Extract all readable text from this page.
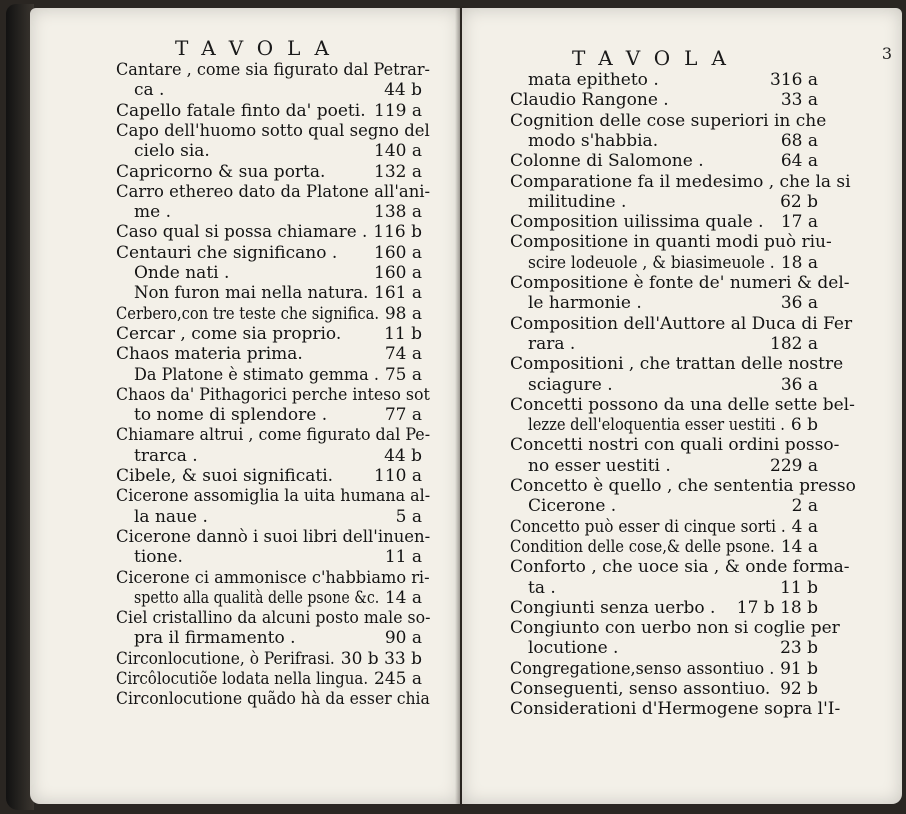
TAVOLA
Cantare , come sia figurato dal Petrar-
ca .	44 b
Capello fatale finto da' poeti. 119 a
Capo dell'huomo sotto qual segno del
cielo sia.	140 a
Capricorno & sua porta.	132 a
Carro ethereo dato da Platone all'ani-
me .	138 a
Caso qual si possa chiamare . 116 b
Centauri che significano . 160 a
Onde nati .	160 a
Non furon mai nella natura. 161 a
Cerbero,con tre teste che significa. 98 a
Cercar , come sia proprio.	11 b
Chaos materia prima.	74 a
Da Platone è stimato gemma . 75 a
Chaos da' Pithagorici perche inteso sot
to nome di splendore .	77 a
Chiamare altrui , come figurato dal Pe-
trarca .	44 b
Cibele, & suoi significati. 110 a
Cicerone assomiglia la uita humana al-
la naue .	5 a
Cicerone dannò i suoi libri dell'inuen-
tione.	11 a
Cicerone ci ammonisce c'habbiamo ri-
spetto alla qualità delle psone &c. 14 a
Ciel cristallino da alcuni posto male so-
pra il firmamento .	90 a
Circonlocutione, ò Perifrasi. 30 b 33 b
Circôlocutiõe lodata nella lingua. 245 a
Circonlocutione quãdo hà da esser chia
TAVOLA	3
mata epitheto .	316 a
Claudio Rangone .	33 a
Cognition delle cose superiori in che
modo s'habbia.	68 a
Colonne di Salomone .	64 a
Comparatione fa il medesimo , che la si
militudine .	62 b
Composition uilissima quale . 17 a
Compositione in quanti modi può riu-
scire lodeuole , & biasimeuole . 18 a
Compositione è fonte de' numeri & del-
le harmonie .	36 a
Composition dell'Auttore al Duca di Fer
rara .	182 a
Compositioni , che trattan delle nostre
sciagure .	36 a
Concetti possono da una delle sette bel-
lezze dell'eloquentia esser uestiti . 6 b
Concetti nostri con quali ordini posso-
no esser uestiti .	229 a
Concetto è quello , che sententia presso
Cicerone .	2 a
Concetto può esser di cinque sorti . 4 a
Condition delle cose,& delle psone. 14 a
Conforto , che uoce sia , & onde forma-
ta .	11 b
Congiunti senza uerbo . 17 b 18 b
Congiunto con uerbo non si coglie per
locutione .	23 b
Congregatione,senso assontiuo . 91 b
Conseguenti, senso assontiuo. 92 b
Considerationi d'Hermogene sopra l'I-
